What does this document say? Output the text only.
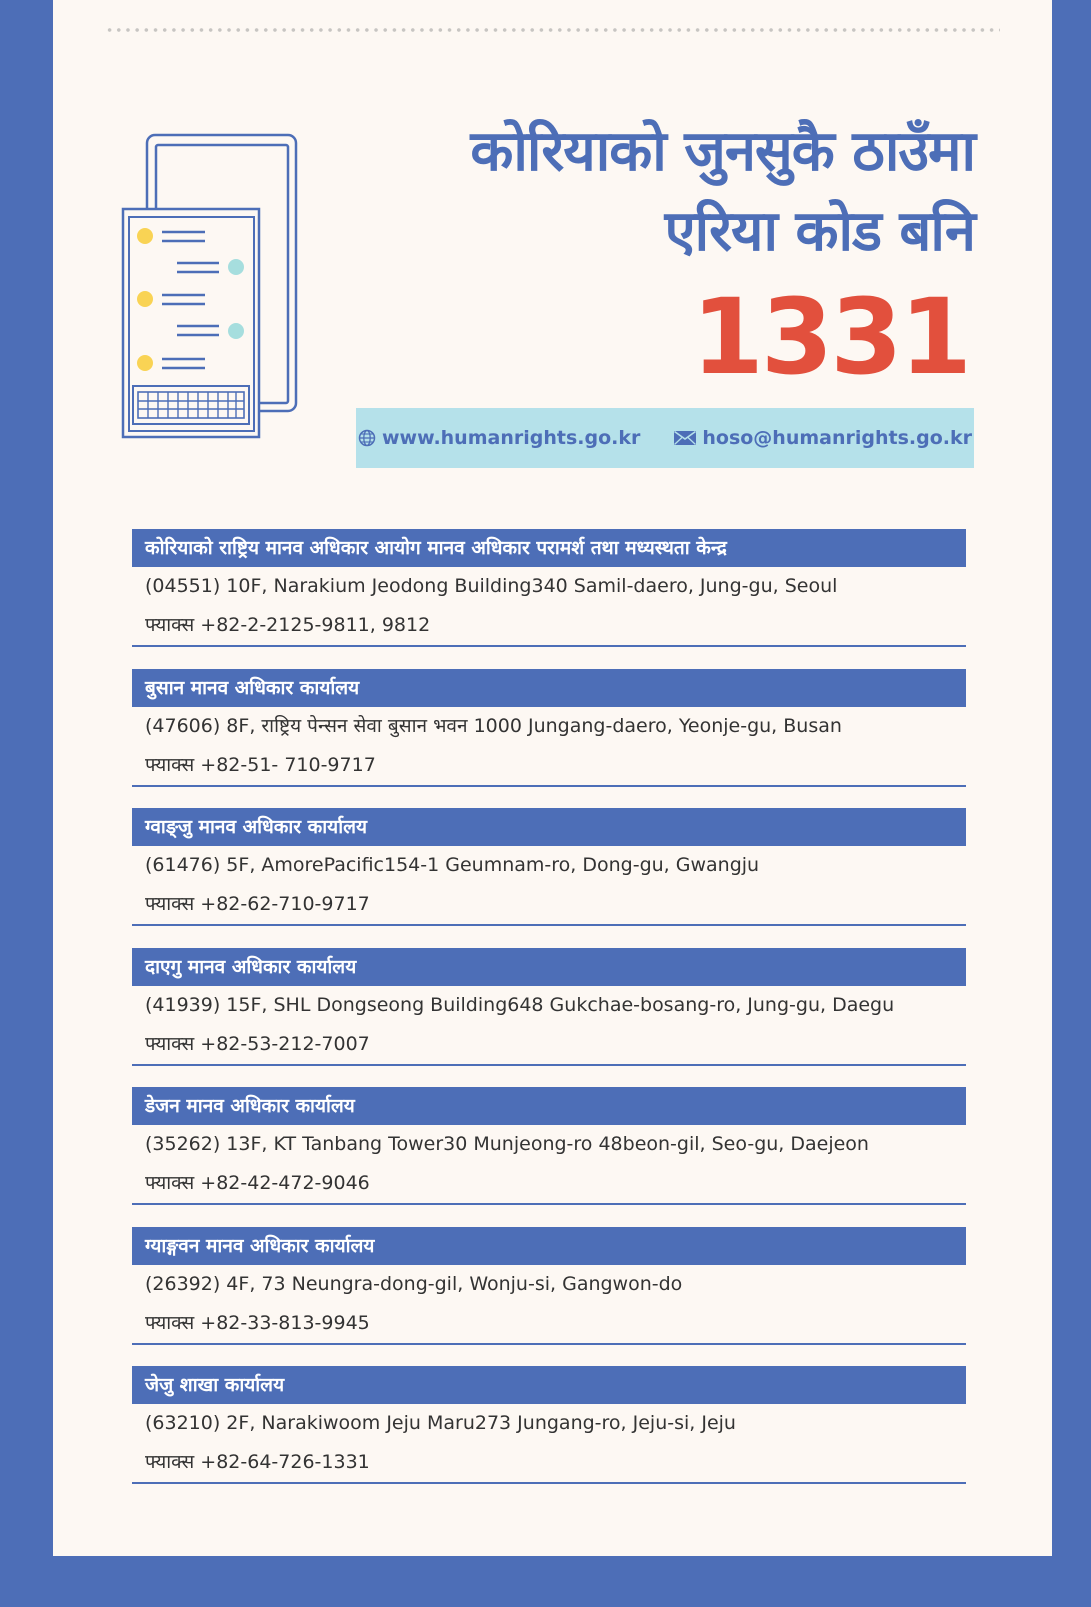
कोरियाको जुनसुकै ठाउँमा
एरिया कोड बनि
1331
www.humanrights.go.kr	hoso@humanrights.go.kr
कोरियाको राष्ट्रिय मानव अधिकार आयोग मानव अधिकार परामर्श तथा मध्यस्थता केन्द्र
(04551) 10F, Narakium Jeodong Building340 Samil-daero, Jung-gu, Seoul
फ्याक्स +82-2-2125-9811, 9812
बुसान मानव अधिकार कार्यालय
(47606) 8F, राष्ट्रिय पेन्सन सेवा बुसान भवन 1000 Jungang-daero, Yeonje-gu, Busan
फ्याक्स +82-51- 710-9717
ग्वाङ्जु मानव अधिकार कार्यालय
(61476) 5F, AmorePacific154-1 Geumnam-ro, Dong-gu, Gwangju
फ्याक्स +82-62-710-9717
दाएगु मानव अधिकार कार्यालय
(41939) 15F, SHL Dongseong Building648 Gukchae-bosang-ro, Jung-gu, Daegu
फ्याक्स +82-53-212-7007
डेजन मानव अधिकार कार्यालय
(35262) 13F, KT Tanbang Tower30 Munjeong-ro 48beon-gil, Seo-gu, Daejeon
फ्याक्स +82-42-472-9046
ग्याङ्गवन मानव अधिकार कार्यालय
(26392) 4F, 73 Neungra-dong-gil, Wonju-si, Gangwon-do
फ्याक्स +82-33-813-9945
जेजु शाखा कार्यालय
(63210) 2F, Narakiwoom Jeju Maru273 Jungang-ro, Jeju-si, Jeju
फ्याक्स +82-64-726-1331
